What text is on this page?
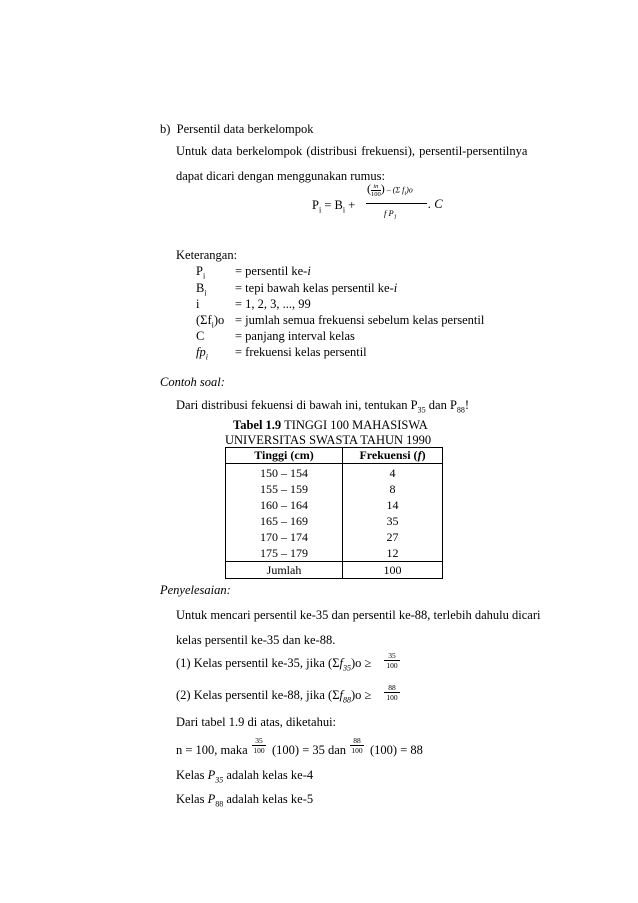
b) Persentil data berkelompok
Untuk data berkelompok (distribusi frekuensi), persentil-persentilnya
dapat dicari dengan menggunakan rumus:
$P_i = B_i$ +
( $\frac{in}{100}$ ) – (Σ $f_i)o$
f $P_1$
. C
Keterangan:
$P_i$ = persentil ke-i
$B_i$ = tepi bawah kelas persentil ke-i
i	= 1, 2, 3, ..., 99
$(\Sigma f_i)o$ = jumlah semua frekuensi sebelum kelas persentil
C = panjang interval kelas
$fp_i$ = frekuensi kelas persentil
Contoh soal:
Dari distribusi fekuensi di bawah ini, tentukan $P_{35}$ dan $P_{88}$!
Tabel 1.9 TINGGI 100 MAHASISWA
UNIVERSITAS SWASTA TAHUN 1990
Tinggi (cm)	Frekuensi (f)
150 – 154	4
155 – 159	8
160 – 164	14
165 – 169	35
170 – 174	27
175 – 179	12
Jumlah	100
Penyelesaian:
Untuk mencari persentil ke-35 dan persentil ke-88, terlebih dahulu dicari
kelas persentil ke-35 dan ke-88.
(1) Kelas persentil ke-35, jika $(\Sigma f_{35})o \ge \frac{35}{100}$
(2) Kelas persentil ke-88, jika $(\Sigma f_{88})o \ge \frac{88}{100}$
Dari tabel 1.9 di atas, diketahui:
n = 100, maka $\frac{35}{100} (100) = 35$ dan $\frac{88}{100} (100) = 88$
Kelas $P_{35}$ adalah kelas ke-4
Kelas $P_{88}$ adalah kelas ke-5
